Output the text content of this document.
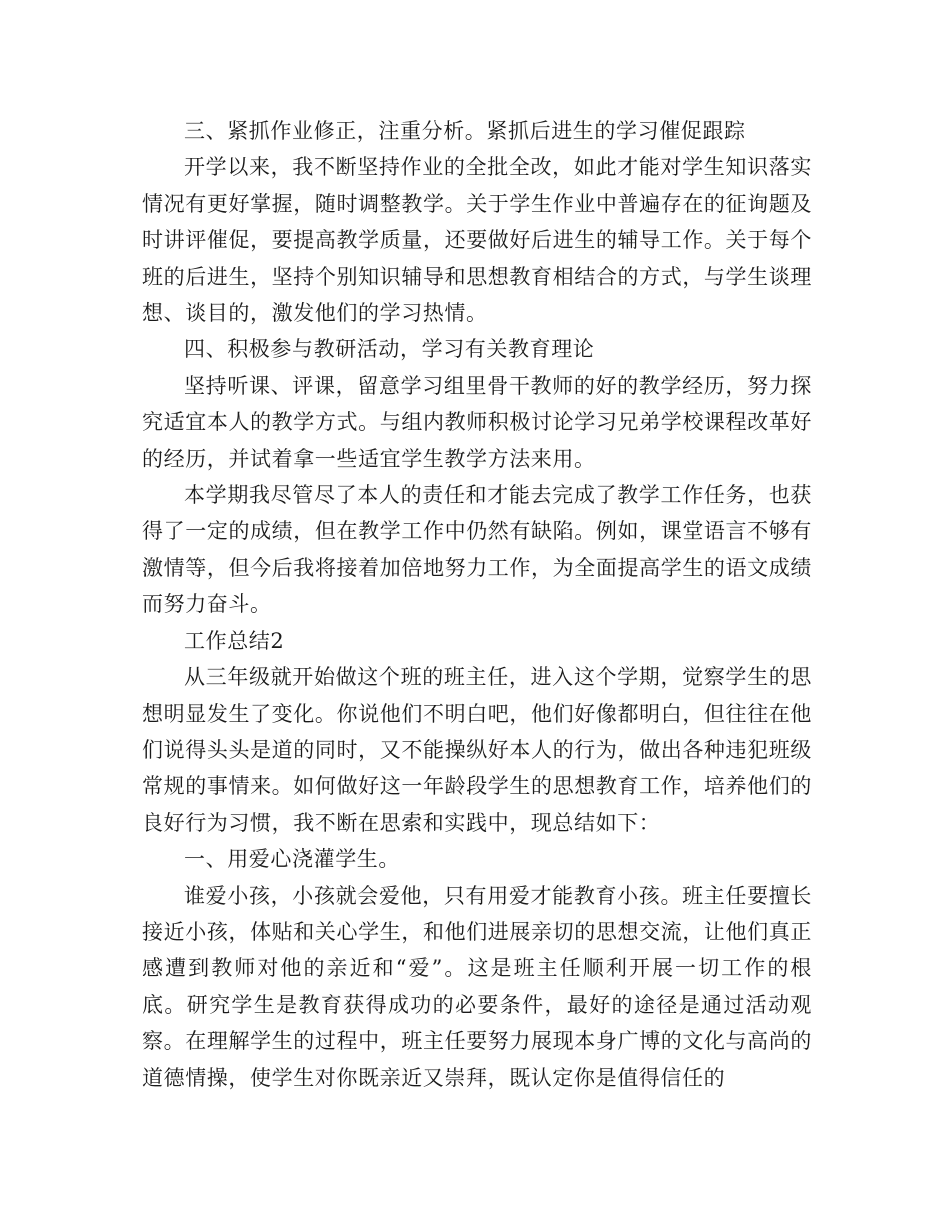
三、紧抓作业修正，注重分析。紧抓后进生的学习催促跟踪

开学以来，我不断坚持作业的全批全改，如此才能对学生知识落实情况有更好掌握，随时调整教学。关于学生作业中普遍存在的征询题及时讲评催促，要提高教学质量，还要做好后进生的辅导工作。关于每个班的后进生，坚持个别知识辅导和思想教育相结合的方式，与学生谈理想、谈目的，激发他们的学习热情。

四、积极参与教研活动，学习有关教育理论

坚持听课、评课，留意学习组里骨干教师的好的教学经历，努力探究适宜本人的教学方式。与组内教师积极讨论学习兄弟学校课程改革好的经历，并试着拿一些适宜学生教学方法来用。

本学期我尽管尽了本人的责任和才能去完成了教学工作任务，也获得了一定的成绩，但在教学工作中仍然有缺陷。例如，课堂语言不够有激情等，但今后我将接着加倍地努力工作，为全面提高学生的语文成绩而努力奋斗。

工作总结2

从三年级就开始做这个班的班主任，进入这个学期，觉察学生的思想明显发生了变化。你说他们不明白吧，他们好像都明白，但往往在他们说得头头是道的同时，又不能操纵好本人的行为，做出各种违犯班级常规的事情来。如何做好这一年龄段学生的思想教育工作，培养他们的良好行为习惯，我不断在思索和实践中，现总结如下：

一、用爱心浇灌学生。

谁爱小孩，小孩就会爱他，只有用爱才能教育小孩。班主任要擅长接近小孩，体贴和关心学生，和他们进展亲切的思想交流，让他们真正感遭到教师对他的亲近和“爱”。这是班主任顺利开展一切工作的根底。研究学生是教育获得成功的必要条件，最好的途径是通过活动观察。在理解学生的过程中，班主任要努力展现本身广博的文化与高尚的道德情操，使学生对你既亲近又崇拜，既认定你是值得信任的
